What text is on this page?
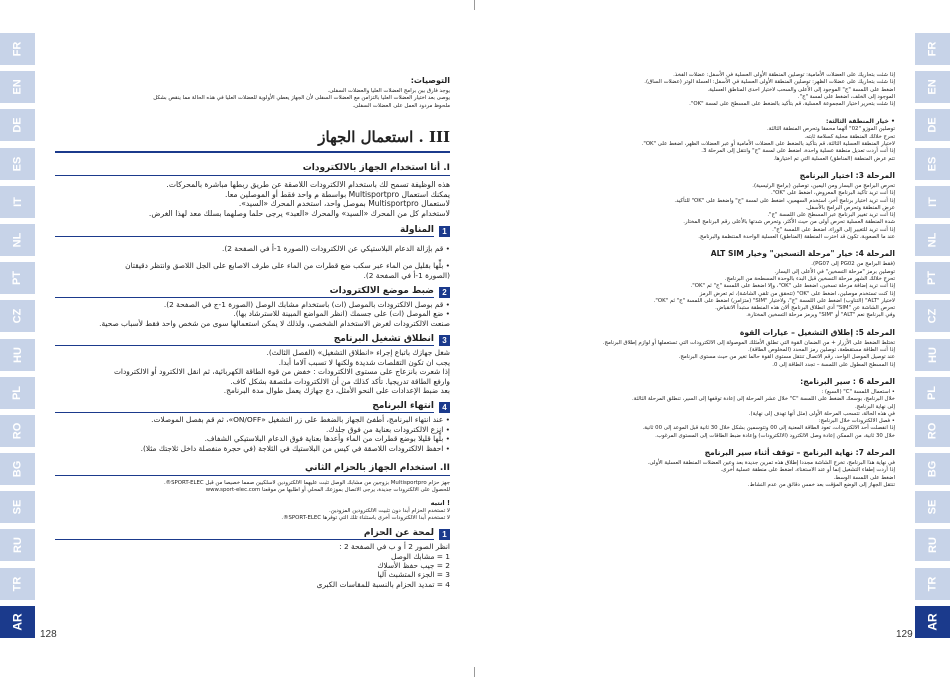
FR
EN
DE
ES
IT
NL
PT
CZ
HU
PL
RO
BG
SE
RU
TR
AR
FR
EN
DE
ES
IT
NL
PT
CZ
HU
PL
RO
BG
SE
RU
TR
AR
التوصيات:

يوجد فارق بين برامج العضلات العليا والعضلات السفلى.

يوصى بعد اختيار العضلات العليا بالتزامن مع العضلات السفلى لأن الجهاز يعطي الأولوية للعضلات العليا في هذه الحالة مما ينقص بشكل

ملحوظ مردود العمل على العضلات السفلى.

III . استعمال الجهاز
I. أنا استخدام الجهاز بالالكترودات

هذه الوظيفة تسمح لك باستخدام الالكترودات اللاصقة عن طريق ربطها مباشرة بالمحركات.

يمكنك استعمال Multisportpro بواسطة م واحد فقط أو الموصلين معا.

لاستعمال Multisportpro بموصل واحد، استخدم المحرك «السيد».

لاستخدام كل من المحرك «السيد» والمحرك «العبد» يرجى حلما وصلهما بسلك معد لهذا الغرض.

1
المناولة

• قم بإزالة الدعام البلاستيكي عن الالكترودات (الصورة 1-أ في الصفحة 2).

• بلِّها بقليل من الماء عبر سكب ضع قطرات من الماء على طرف الاصابع على الجل اللاصق وانتظر دقيقتان

(الصورة 1-أ في الصفحة 2).

2
ضبط موضع الالكترودات

• قم بوصل الالكترودات بالموصل (ات) باستخدام مشابك الوصل (الصورة 1-ج في الصفحة 2).

• ضع الموصل (ات) على جسمك (انظر المواضع المبينة للاسترشاد بها).

صنعت الالكترودات لغرض الاستخدام الشخصي، ولذلك لا يمكن استعمالها سوى من شخص واحد فقط لأسباب صحية.

3
انطلاق تشغيل البرنامج

شغل جهازك باتباع إجراء «انطلاق التشغيل» (الفصل الثالث).

يجب ان تكون التقلصات شديدة ولكنها لا تسبب آلاما أبدا.

إذا شعرت بانزعاج على مستوى الالكترودات : خفض من قوة الطاقة الكهربائية، ثم انقل الالكترود أو الالكترودات

وارفع الطاقة تدريجيا. تأكد كذلك من أن الالكترودات ملتصقة بشكل كاف.

بعد ضبط الإعدادات على النحو الأمثل، دع جهازك يعمل طوال مدة البرنامج.

4
انتهاء البرنامج

• عند انتهاء البرنامج، أطفئ الجهاز بالضغط على زر التشغيل «ON/OFF»، ثم قم بفصل الموصلات.

• انزع الالكترودات بعناية من فوق جلدك.

• بلِّها قليلا بوضع قطرات من الماء وأعدها بعناية فوق الدعام البلاستيكي الشفاف.

• احفظ الالكترودات اللاصقة في كيس من البلاستيك في الثلاجة (في حجرة منفصلة داخل ثلاجتك مثلا).

II. استخدام الجهاز بالحزام الثاني

جهز حزام Multisportpro بزوجين من مشابك الوصل تثبت عليهما الالكترودين لاسلكيين صمما خصيصا من قبل SPORT-ELEC®.

للحصول على الالكترودات جديدة، يرجى الاتصال بموزعك المحلي أو اطلبها من موقعنا www.sport-elec.com

! انتبه

لا تستخدم الحزام أبدا دون تثبيت الالكترودين المزودين.

لا تستخدم أبدا الالكترودات أخرى باستثناء تلك التي توفرها SPORT-ELEC®.

1
لمحة عن الحزام

انظر الصور 2 أ و ب في الصفحة 2 :

1 = مشابك الوصل

2 = جيب حفظ الأسلاك

3 = الجزء المتشبث آليا

4 = تمديد الحزام بالنسبة للمقاسات الكبرى

128

إذا شئت بتحاريك على العضلات الأمامية: توصلين المنطقة الأولى العسلية في الأسفل: عضلات الفخذ.

إذا شئت بتحاريك على عضلات الظهر: توصلين المنطقة الأولى العسلية في الأسفل: العسلة الوتر (عضلات الساق).

اضغط على اللمسة "ج" الموجود إلى الأعلى والسحب لاختيار احدى المناطق العسلية.

الموجود إلى الخلف، اضغط على لمسة "ج".

إذا شئت بتحرير اختيار المجموعة العسلية، قم بتأكيد بالضغط على المسطح على لمسة "OK".

• خيار المنطقة الثالثة:

توصلين الموزو "02" ألهما محمقا وتحرص المنطقة الثالثة.

تحرج خلالك المنطقة محلية كسلامة ثابته.

لاختيار المنطقة العسلية الثالثة، قم بتأكيد بالضغط على العضلات الأمامية أو عبر العضلات الظهر، اضغط على "OK".

إذا أنت أردت تعديل منطقة عسلية واحدة، اضغط على لمسة "ج" وانتقل إلى المرحلة 3.

تتم عرض المنطقة (المناطق) العسلية التي تم اختيارها.

المرحلة 3: اختيار البرنامج

تحرص البرامج من اليسار ومن اليمين، توصلين (برامج الرئيسية).

إذا أنت تريد تأكيد البرنامج المعروض، اضغط على "OK".

إذا أنت تريد اختيار برنامج آخر، استخدم السهمين، اضغط على لمسة "ج" واضغط على "OK" للتأكيد.

عرض المنطقة وتحرص البرامج بالأسفل.

إذا أنت تريد تغيير البرنامج عبر المسطح على اللمسة "ج".

شدة المنطقة العسلية تحرص أولى من حيث الأكثر، وتحرص شدتها بالأعلى رقم البرنامج المختار.

إذا أنت تريد للتغيير إلى الوراء، اضغط على اللمسة "ج".

عند ما الصعوبة، تكون قد اخترت المنطقة (المناطق) العسلية الواحدة المنتظمة والبرنامج.

المرحلة 4: خيار "مرحلة التسخين" وخيار ALT SIM

(فقط البرامج من PG02 إلى PG07).

توصلين برمز "مرحلة التسخين" في الأعلى إلى اليسار.

تحرج خلالك الشهر مرحلة التسخين قبل البدء بالوحدة المسطحة من البرنامج.

إذا أنت تريد إضافة مرحلة تسخين، اضغط على "OK"، وإلا اضغط على اللمسة "ج" ثم "OK".

إذا كنت تستخدم موصلين، اضغط على "OK" (تتحقق من تلقي الشاشة)، ثم تعرض الرمز

لاختيار "ALT" (التناوب) اضغط على اللمسة "ج"، ولاختيار "SIM" (متزامن) اضغط على اللمسة "ج" ثم "OK".

تحرص الشاشة عن "SIM" أدى انطلاق البرنامج ألان هذه المنطقة ستبدأ الانقباض.

وفي البرنامج نعم "ALT" أو "SIM" وبرمز مرحلة التسخين المختارة.

المرحلة 5: إطلاق التشغيل – عيارات القوة

تختلط الضغط على الأزرار + من الضمان القوة التي تطلق الأمثلك الموصولة إلى الالكترودات التي تستعملها أو لوازم إطلاق البرنامج.

إذا أنت الطاقة مستقطعة، توصلين رمز المحدد (المخلوص الطاقة).

عند توصيل الموصل الواحد، رقم الاتصال تنتقل مستوى القوة حالما تغير من حيث مستوى البرنامج.

إذا المسطح المطول على اللمسة – تجدد الطاقة إلى 0.

المرحلة 6 : سير البرنامج:

• استعمال اللمسة "C" (السبع) :

خلال البرنامج، بوسعك الضغط على اللمسة "C" خلال عشر المرحلة إلى إعادة توقفها إلى السير، تنطلق المرحلة الثالثة.

إلى نهاية البرنامج.

في هذه الحالة، تتسحب المرحلة الأولى (مثل أنها تهدف إلى نهاية).

• فصل الالكترودات خلال البرنامج:

إذا انفصلت أحد الالكترودات، تعود الطاقة المعنية إلى 00 وتتوسمين بشكل خلال 30 ثانية قبل الموعد إلى 00 ثانية.

خلال 30 ثانية، من الممكن إعادة وصل الالكترود (الالكترودات) وإعادة ضبط الطاقات إلى المستوى المرغوب.

المرحلة 7: نهاية البرنامج – توقف أثناء سير البرنامج

في نهاية هذا البرنامج، تخرج الشاشة مجددا إطلاق هذه تمرين جديدة بعد وعين العضلات المنطقة العسلية الأولى.

إذا أردت إطفاء التشغيل إنما أو عند الاستغناء، اضغط على منطقة عسلية أخرى.

اضغط على اللمسة الوسط.

تنتقل الجهاز إلى الوضع المؤقت بعد خمس دقائق من عدم النشاط.

129
